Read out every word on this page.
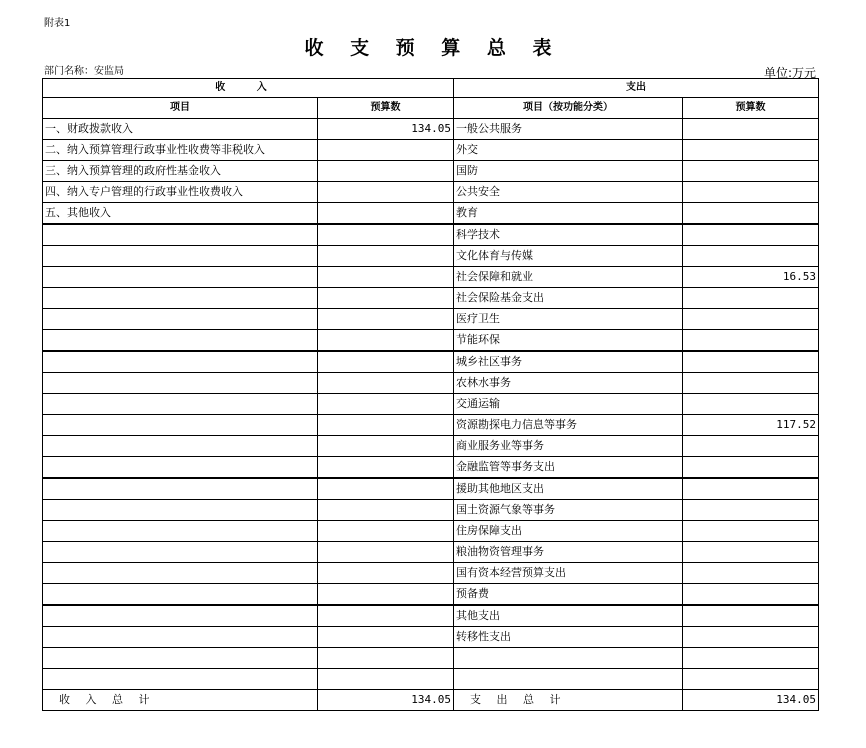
附表1
收 支 预 算 总 表
部门名称：安监局	单位:万元
收 入		支出	
项目	预算数	项目（按功能分类）	预算数
一、财政拨款收入	134.05	一般公共服务	
二、纳入预算管理行政事业性收费等非税收入		外交	
三、纳入预算管理的政府性基金收入		国防	
四、纳入专户管理的行政事业性收费收入		公共安全	
五、其他收入		教育	
		科学技术	
		文化体育与传媒	
		社会保障和就业	16.53
		社会保险基金支出	
		医疗卫生	
		节能环保	
		城乡社区事务	
		农林水事务	
		交通运输	
		资源勘探电力信息等事务	117.52
		商业服务业等事务	
		金融监管等事务支出	
		援助其他地区支出	
		国土资源气象等事务	
		住房保障支出	
		粮油物资管理事务	
		国有资本经营预算支出	
		预备费	
		其他支出	
		转移性支出	

收 入 总 计	134.05	支 出 总 计	134.05
